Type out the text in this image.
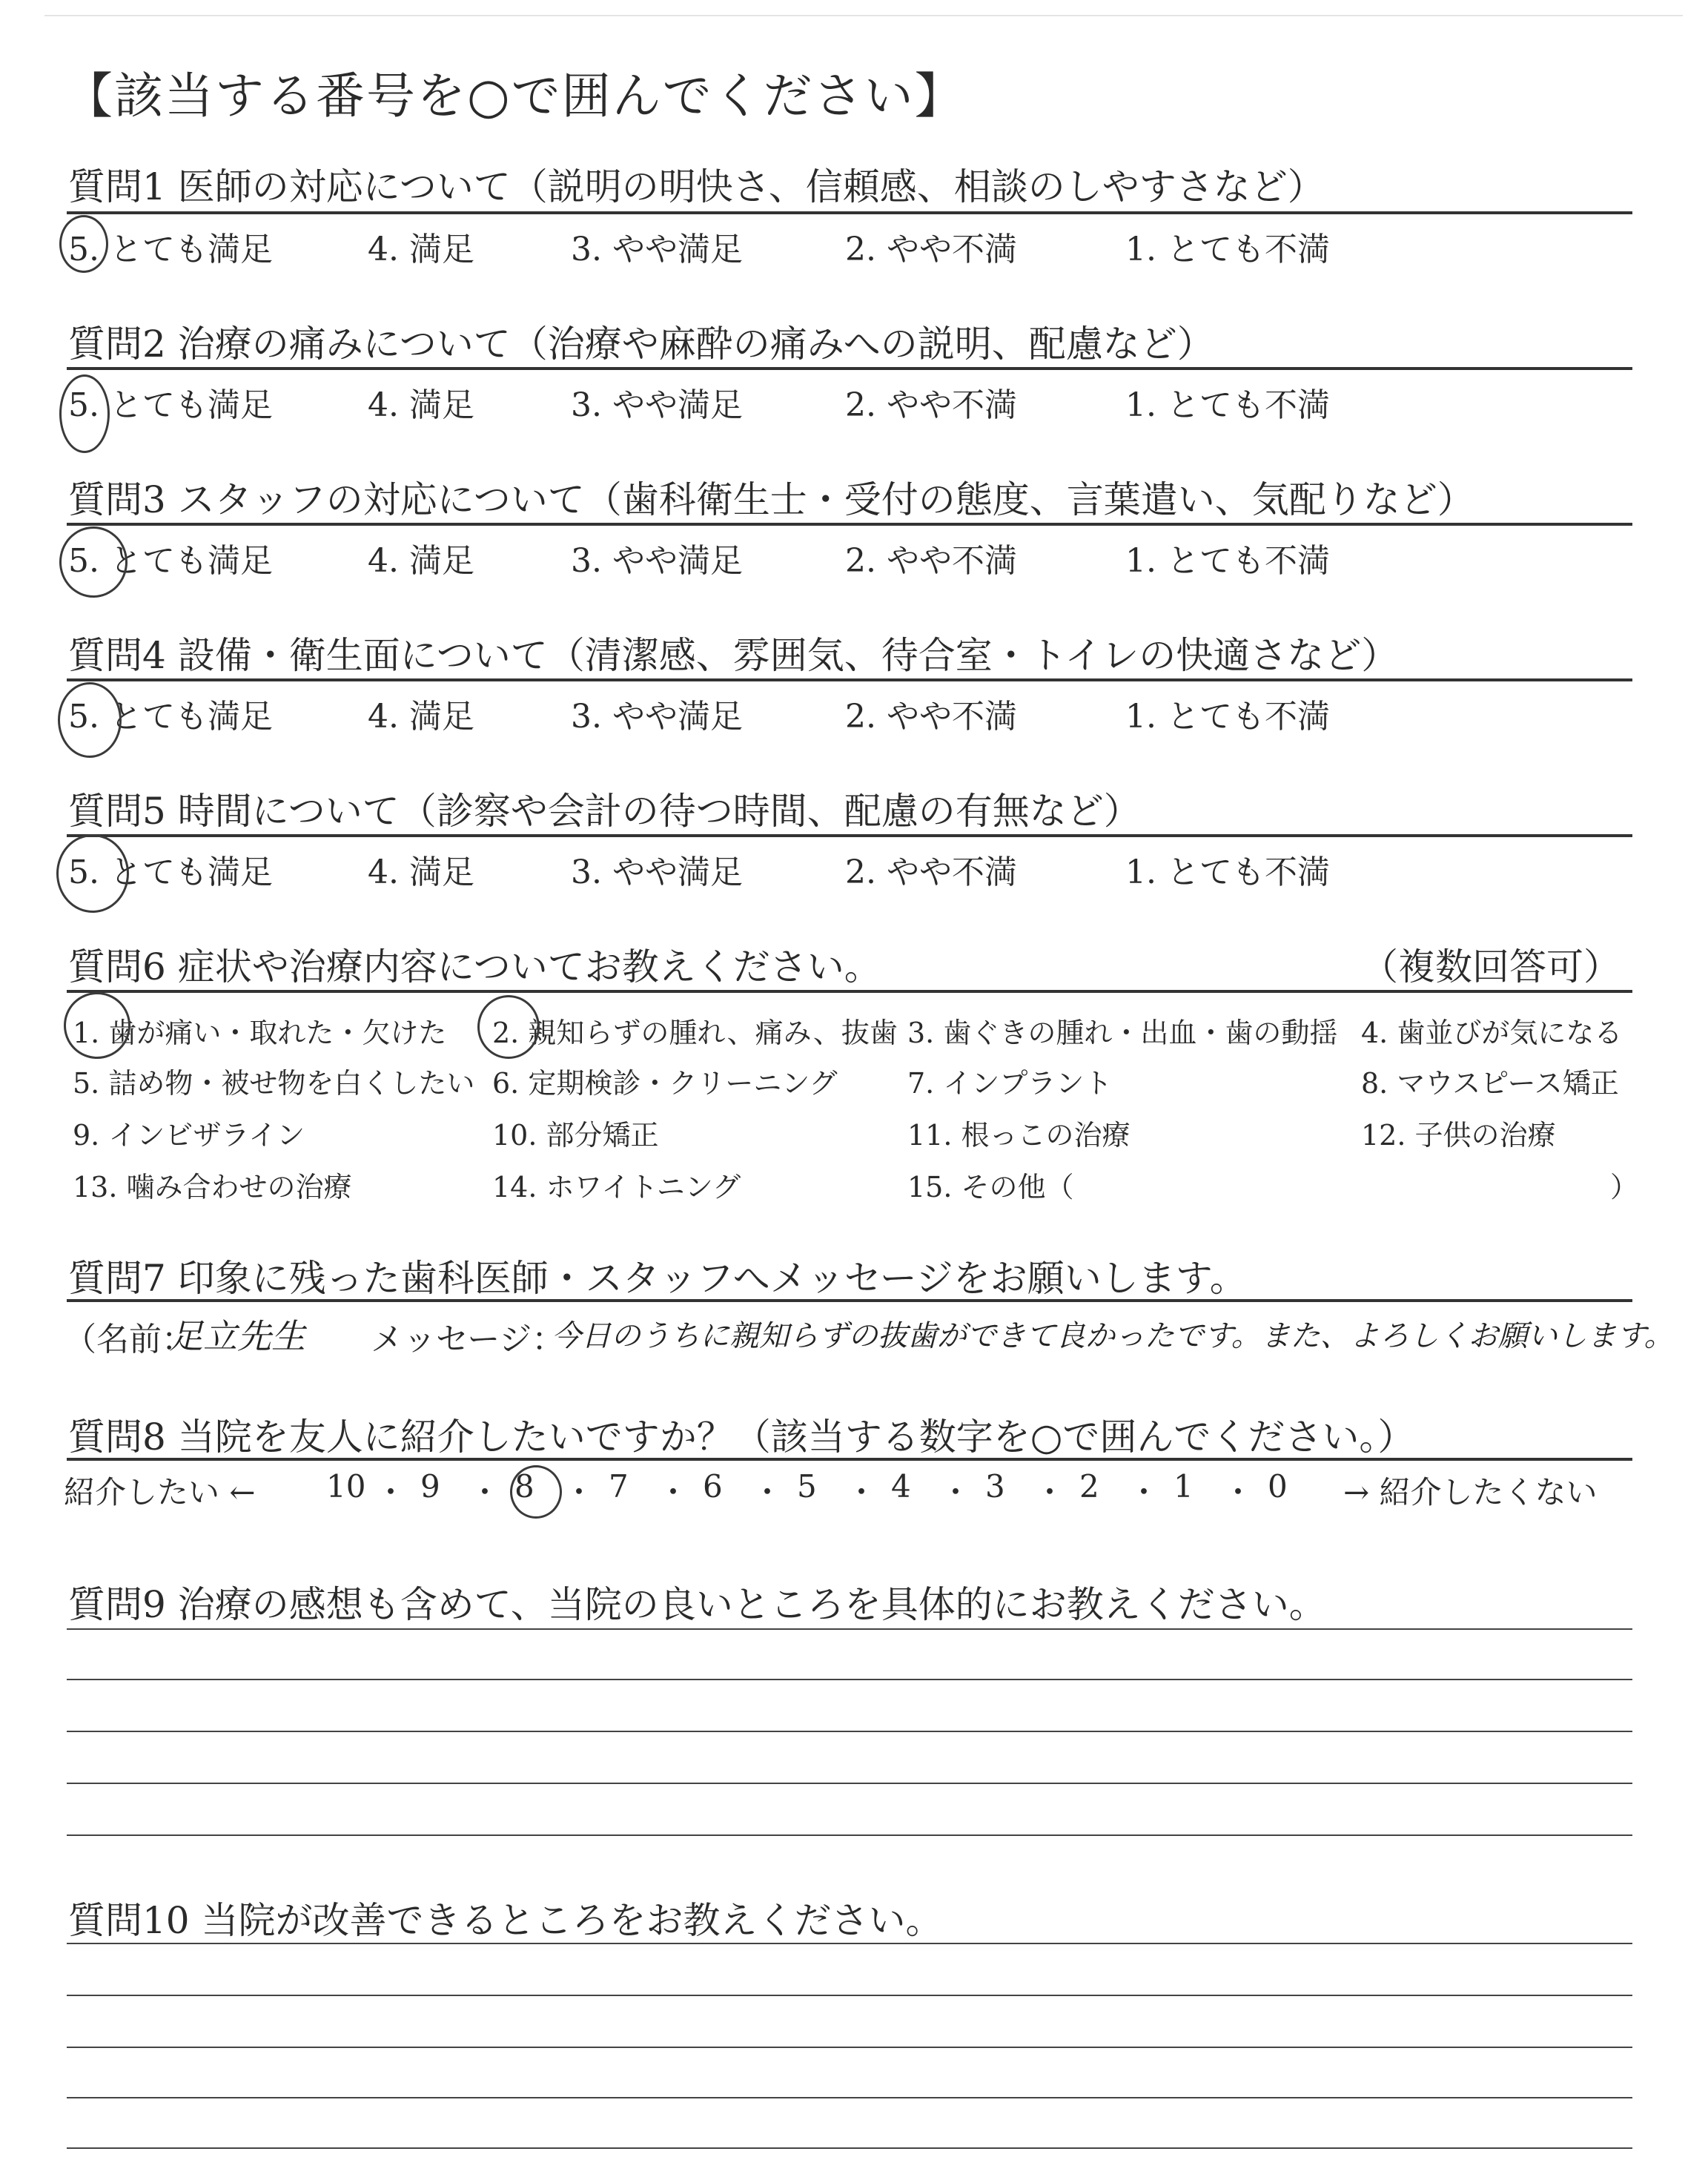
【該当する番号を○で囲んでください】
質問1 医師の対応について（説明の明快さ、信頼感、相談のしやすさなど）
5. とても満足	4. 満足	3. やや満足	2. やや不満	1. とても不満
質問2 治療の痛みについて（治療や麻酔の痛みへの説明、配慮など）
5. とても満足	4. 満足	3. やや満足	2. やや不満	1. とても不満
質問3 スタッフの対応について（歯科衛生士・受付の態度、言葉遣い、気配りなど）
5. とても満足	4. 満足	3. やや満足	2. やや不満	1. とても不満
質問4 設備・衛生面について（清潔感、雰囲気、待合室・トイレの快適さなど）
5. とても満足	4. 満足	3. やや満足	2. やや不満	1. とても不満
質問5 時間について（診察や会計の待つ時間、配慮の有無など）
5. とても満足	4. 満足	3. やや満足	2. やや不満	1. とても不満
質問6 症状や治療内容についてお教えください。	（複数回答可）
1. 歯が痛い・取れた・欠けた 2. 親知らずの腫れ、痛み、抜歯 3. 歯ぐきの腫れ・出血・歯の動揺 4. 歯並びが気になる
5. 詰め物・被せ物を白くしたい 6. 定期検診・クリーニング 7. インプラント	8. マウスピース矯正
9. インビザライン	10. 部分矯正	11. 根っこの治療	12. 子供の治療
13. 噛み合わせの治療	14. ホワイトニング	15. その他（	）
質問7 印象に残った歯科医師・スタッフへメッセージをお願いします。
（名前：
足立先生 メッセージ：
今日のうちに親知らずの抜歯ができて良かったです。また、よろしくお願いします。
質問8 当院を友人に紹介したいですか？（該当する数字を○で囲んでください。）
紹介したい ← 10 ・ 9 ・ 8 ・ 7 ・ 6 ・ 5 ・ 4 ・ 3 ・ 2 ・ 1 ・ 0 → 紹介したくない
質問9 治療の感想も含めて、当院の良いところを具体的にお教えください。
質問10 当院が改善できるところをお教えください。
